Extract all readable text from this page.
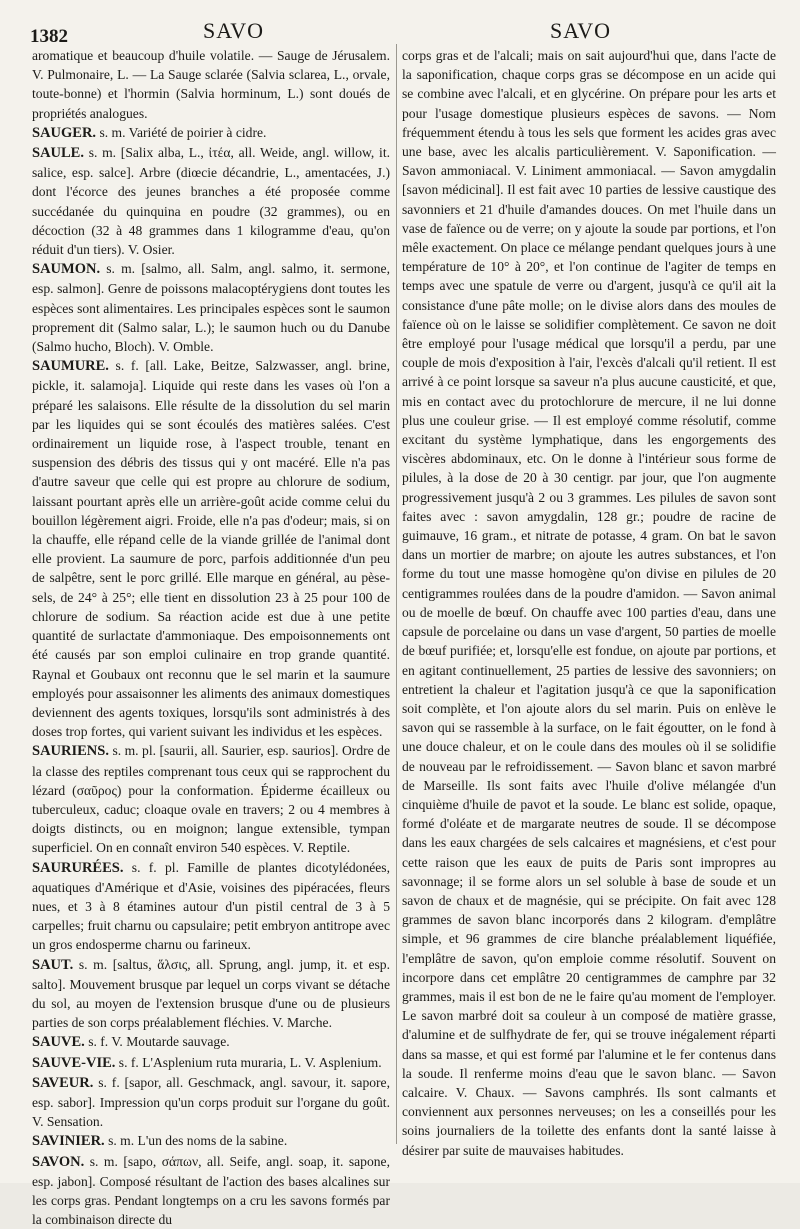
1382	SAVO	SAVO

aromatique et beaucoup d'huile volatile. — Sauge de Jérusalem. V. Pulmonaire, L. — La Sauge sclarée (Salvia sclarea, L., orvale, toute-bonne) et l'hormin (Salvia horminum, L.) sont doués de propriétés analogues.

SAUGER. s. m. Variété de poirier à cidre.

SAULE. s. m. [Salix alba, L., ἰτέα, all. Weide, angl. willow, it. salice, esp. salce]. Arbre (diœcie décandrie, L., amentacées, J.) dont l'écorce des jeunes branches a été proposée comme succédanée du quinquina en poudre (32 grammes), ou en décoction (32 à 48 grammes dans 1 kilogramme d'eau, qu'on réduit d'un tiers). V. Osier.

SAUMON. s. m. [salmo, all. Salm, angl. salmo, it. sermone, esp. salmon]. Genre de poissons malacoptérygiens dont toutes les espèces sont alimentaires. Les principales espèces sont le saumon proprement dit (Salmo salar, L.); le saumon huch ou du Danube (Salmo hucho, Bloch). V. Omble.

SAUMURE. s. f. [all. Lake, Beitze, Salzwasser, angl. brine, pickle, it. salamoja]. Liquide qui reste dans les vases où l'on a préparé les salaisons. Elle résulte de la dissolution du sel marin par les liquides qui se sont écoulés des matières salées. C'est ordinairement un liquide rose, à l'aspect trouble, tenant en suspension des débris des tissus qui y ont macéré. Elle n'a pas d'autre saveur que celle qui est propre au chlorure de sodium, laissant pourtant après elle un arrière-goût acide comme celui du bouillon légèrement aigri. Froide, elle n'a pas d'odeur; mais, si on la chauffe, elle répand celle de la viande grillée de l'animal dont elle provient. La saumure de porc, parfois additionnée d'un peu de salpêtre, sent le porc grillé. Elle marque en général, au pèse-sels, de 24° à 25°; elle tient en dissolution 23 à 25 pour 100 de chlorure de sodium. Sa réaction acide est due à une petite quantité de surlactate d'ammoniaque. Des empoisonnements ont été causés par son emploi culinaire en trop grande quantité. Raynal et Goubaux ont reconnu que le sel marin et la saumure employés pour assaisonner les aliments des animaux domestiques deviennent des agents toxiques, lorsqu'ils sont administrés à des doses trop fortes, qui varient suivant les individus et les espèces.

SAURIENS. s. m. pl. [saurii, all. Saurier, esp. saurios]. Ordre de la classe des reptiles comprenant tous ceux qui se rapprochent du lézard (σαῦρος) pour la conformation. Épiderme écailleux ou tuberculeux, caduc; cloaque ovale en travers; 2 ou 4 membres à doigts distincts, ou en moignon; langue extensible, tympan superficiel. On en connaît environ 540 espèces. V. Reptile.

SAURURÉES. s. f. pl. Famille de plantes dicotylédonées, aquatiques d'Amérique et d'Asie, voisines des pipéracées, fleurs nues, et 3 à 8 étamines autour d'un pistil central de 3 à 5 carpelles; fruit charnu ou capsulaire; petit embryon antitrope avec un gros endosperme charnu ou farineux.

SAUT. s. m. [saltus, ἅλσις, all. Sprung, angl. jump, it. et esp. salto]. Mouvement brusque par lequel un corps vivant se détache du sol, au moyen de l'extension brusque d'une ou de plusieurs parties de son corps préalablement fléchies. V. Marche.

SAUVE. s. f. V. Moutarde sauvage.

SAUVE-VIE. s. f. L'Asplenium ruta muraria, L. V. Asplenium.

SAVEUR. s. f. [sapor, all. Geschmack, angl. savour, it. sapore, esp. sabor]. Impression qu'un corps produit sur l'organe du goût. V. Sensation.

SAVINIER. s. m. L'un des noms de la sabine.

SAVON. s. m. [sapo, σάπων, all. Seife, angl. soap, it. sapone, esp. jabon]. Composé résultant de l'action des bases alcalines sur les corps gras. Pendant longtemps on a cru les savons formés par la combinaison directe du

corps gras et de l'alcali; mais on sait aujourd'hui que, dans l'acte de la saponification, chaque corps gras se décompose en un acide qui se combine avec l'alcali, et en glycérine. On prépare pour les arts et pour l'usage domestique plusieurs espèces de savons. — Nom fréquemment étendu à tous les sels que forment les acides gras avec une base, avec les alcalis particulièrement. V. Saponification. — Savon ammoniacal. V. Liniment ammoniacal. — Savon amygdalin [savon médicinal]. Il est fait avec 10 parties de lessive caustique des savonniers et 21 d'huile d'amandes douces. On met l'huile dans un vase de faïence ou de verre; on y ajoute la soude par portions, et l'on mêle exactement. On place ce mélange pendant quelques jours à une température de 10° à 20°, et l'on continue de l'agiter de temps en temps avec une spatule de verre ou d'argent, jusqu'à ce qu'il ait la consistance d'une pâte molle; on le divise alors dans des moules de faïence où on le laisse se solidifier complètement. Ce savon ne doit être employé pour l'usage médical que lorsqu'il a perdu, par une couple de mois d'exposition à l'air, l'excès d'alcali qu'il retient. Il est arrivé à ce point lorsque sa saveur n'a plus aucune causticité, et que, mis en contact avec du protochlorure de mercure, il ne lui donne plus une couleur grise. — Il est employé comme résolutif, comme excitant du système lymphatique, dans les engorgements des viscères abdominaux, etc. On le donne à l'intérieur sous forme de pilules, à la dose de 20 à 30 centigr. par jour, que l'on augmente progressivement jusqu'à 2 ou 3 grammes. Les pilules de savon sont faites avec : savon amygdalin, 128 gr.; poudre de racine de guimauve, 16 gram., et nitrate de potasse, 4 gram. On bat le savon dans un mortier de marbre; on ajoute les autres substances, et l'on forme du tout une masse homogène qu'on divise en pilules de 20 centigrammes roulées dans de la poudre d'amidon. — Savon animal ou de moelle de bœuf. On chauffe avec 100 parties d'eau, dans une capsule de porcelaine ou dans un vase d'argent, 50 parties de moelle de bœuf purifiée; et, lorsqu'elle est fondue, on ajoute par portions, et en agitant continuellement, 25 parties de lessive des savonniers; on entretient la chaleur et l'agitation jusqu'à ce que la saponification soit complète, et l'on ajoute alors du sel marin. Puis on enlève le savon qui se rassemble à la surface, on le fait égoutter, on le fond à une douce chaleur, et on le coule dans des moules où il se solidifie de nouveau par le refroidissement. — Savon blanc et savon marbré de Marseille. Ils sont faits avec l'huile d'olive mélangée d'un cinquième d'huile de pavot et la soude. Le blanc est solide, opaque, formé d'oléate et de margarate neutres de soude. Il se décompose dans les eaux chargées de sels calcaires et magnésiens, et c'est pour cette raison que les eaux de puits de Paris sont impropres au savonnage; il se forme alors un sel soluble à base de soude et un savon de chaux et de magnésie, qui se précipite. On fait avec 128 grammes de savon blanc incorporés dans 2 kilogram. d'emplâtre simple, et 96 grammes de cire blanche préalablement liquéfiée, l'emplâtre de savon, qu'on emploie comme résolutif. Souvent on incorpore dans cet emplâtre 20 centigrammes de camphre par 32 grammes, mais il est bon de ne le faire qu'au moment de l'employer. Le savon marbré doit sa couleur à un composé de matière grasse, d'alumine et de sulfhydrate de fer, qui se trouve inégalement réparti dans sa masse, et qui est formé par l'alumine et le fer contenus dans la soude. Il renferme moins d'eau que le savon blanc. — Savon calcaire. V. Chaux. — Savons camphrés. Ils sont calmants et conviennent aux personnes nerveuses; on les a conseillés pour les soins journaliers de la toilette des enfants dont la santé laisse à désirer par suite de mauvaises habitudes.
